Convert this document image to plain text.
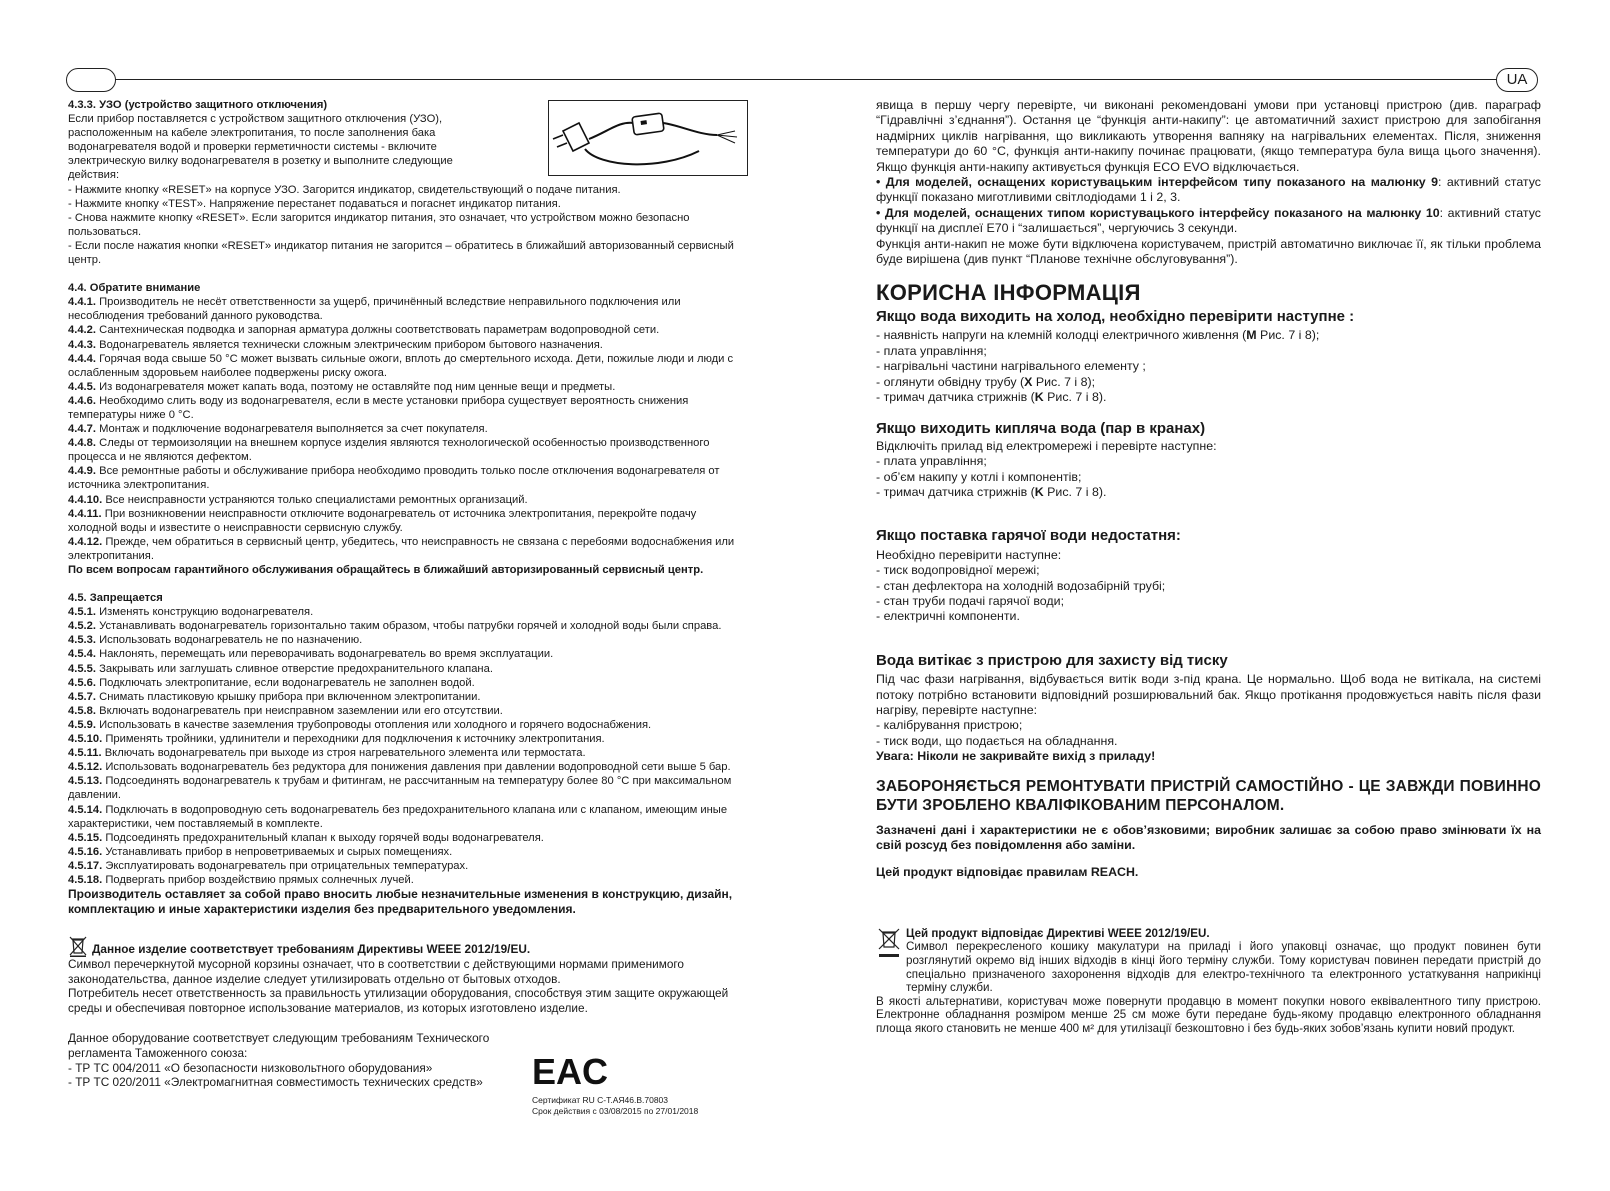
UA

4.3.3. УЗО (устройство защитного отключения)

Если прибор поставляется с устройством защитного отключения (УЗО), расположенным на кабеле электропитания, то после заполнения бака водонагревателя водой и проверки герметичности системы - включите электрическую вилку водонагревателя в розетку и выполните следующие действия:

- Нажмите кнопку «RESET» на корпусе УЗО. Загорится индикатор, свидетельствующий о подаче питания.

- Нажмите кнопку «TEST». Напряжение перестанет подаваться и погаснет индикатор питания.

- Снова нажмите кнопку «RESET». Если загорится индикатор питания, это означает, что устройством можно безопасно пользоваться.

- Если после нажатия кнопки «RESET» индикатор питания не загорится – обратитесь в ближайший авторизованный сервисный центр.

4.4. Обратите внимание

4.4.1. Производитель не несёт ответственности за ущерб, причинённый вследствие неправильного подключения или несоблюдения требований данного руководства.

4.4.2. Сантехническая подводка и запорная арматура должны соответствовать параметрам водопроводной сети.

4.4.3. Водонагреватель является технически сложным электрическим прибором бытового назначения.

4.4.4. Горячая вода свыше 50 °C может вызвать сильные ожоги, вплоть до смертельного исхода. Дети, пожилые люди и люди с ослабленным здоровьем наиболее подвержены риску ожога.

4.4.5. Из водонагревателя может капать вода, поэтому не оставляйте под ним ценные вещи и предметы.

4.4.6. Необходимо слить воду из водонагревателя, если в месте установки прибора существует вероятность снижения температуры ниже 0 °C.

4.4.7. Монтаж и подключение водонагревателя выполняется за счет покупателя.

4.4.8. Следы от термоизоляции на внешнем корпусе изделия являются технологической особенностью производственного процесса и не являются дефектом.

4.4.9. Все ремонтные работы и обслуживание прибора необходимо проводить только после отключения водонагревателя от источника электропитания.

4.4.10. Все неисправности устраняются только специалистами ремонтных организаций.

4.4.11. При возникновении неисправности отключите водонагреватель от источника электропитания, перекройте подачу холодной воды и известите о неисправности сервисную службу.

4.4.12. Прежде, чем обратиться в сервисный центр, убедитесь, что неисправность не связана с перебоями водоснабжения или электропитания.

По всем вопросам гарантийного обслуживания обращайтесь в ближайший авторизированный сервисный центр.

4.5. Запрещается

4.5.1. Изменять конструкцию водонагревателя.

4.5.2. Устанавливать водонагреватель горизонтально таким образом, чтобы патрубки горячей и холодной воды были справа.

4.5.3. Использовать водонагреватель не по назначению.

4.5.4. Наклонять, перемещать или переворачивать водонагреватель во время эксплуатации.

4.5.5. Закрывать или заглушать сливное отверстие предохранительного клапана.

4.5.6. Подключать электропитание, если водонагреватель не заполнен водой.

4.5.7. Снимать пластиковую крышку прибора при включенном электропитании.

4.5.8. Включать водонагреватель при неисправном заземлении или его отсутствии.

4.5.9. Использовать в качестве заземления трубопроводы отопления или холодного и горячего водоснабжения.

4.5.10. Применять тройники, удлинители и переходники для подключения к источнику электропитания.

4.5.11. Включать водонагреватель при выходе из строя нагревательного элемента или термостата.

4.5.12. Использовать водонагреватель без редуктора для понижения давления при давлении водопроводной сети выше 5 бар.

4.5.13. Подсоединять водонагреватель к трубам и фитингам, не рассчитанным на температуру более 80 °C при максимальном давлении.

4.5.14. Подключать в водопроводную сеть водонагреватель без предохранительного клапана или с клапаном, имеющим иные характеристики, чем поставляемый в комплекте.

4.5.15. Подсоединять предохранительный клапан к выходу горячей воды водонагревателя.

4.5.16. Устанавливать прибор в непроветриваемых и сырых помещениях.

4.5.17. Эксплуатировать водонагреватель при отрицательных температурах.

4.5.18. Подвергать прибор воздействию прямых солнечных лучей.

Производитель оставляет за собой право вносить любые незначительные изменения в конструкцию, дизайн, комплектацию и иные характеристики изделия без предварительного уведомления.

Данное изделие соответствует требованиям Директивы WEEE 2012/19/EU.

Символ перечеркнутой мусорной корзины означает, что в соответствии с действующими нормами применимого законодательства, данное изделие следует утилизировать отдельно от бытовых отходов.

Потребитель несет ответственность за правильность утилизации оборудования, способствуя этим защите окружающей среды и обеспечивая повторное использование материалов, из которых изготовлено изделие.

Данное оборудование соответствует следующим требованиям Технического регламента Таможенного союза:

- ТР ТС 004/2011 «О безопасности низковольтного оборудования»

- ТР ТС 020/2011 «Электромагнитная совместимость технических средств»	EAC

Сертификат RU C-T.АЯ46.В.70803

Срок действия с 03/08/2015 по 27/01/2018

явища в першу чергу перевірте, чи виконані рекомендовані умови при установці пристрою (див. параграф “Гідравлічні з’єднання”). Остання це “функція анти-накипу”: це автоматичний захист пристрою для запобігання надмірних циклів нагрівання, що викликають утворення вапняку на нагрівальних елементах. Після, зниження температури до 60 °C, функція анти-накипу починає працювати, (якщо температура була вища цього значення). Якщо функція анти-накипу активується функція ECO EVO відключається.

• Для моделей, оснащених користувацьким інтерфейсом типу показаного на малюнку 9: активний статус функції показано миготливими світлодіодами 1 і 2, 3.

• Для моделей, оснащених типом користувацького інтерфейсу показаного на малюнку 10: активний статус функції на дисплеї E70 і “залишається”, чергуючись 3 секунди.

Функція анти-накип не може бути відключена користувачем, пристрій автоматично виключає її, як тільки проблема буде вирішена (див пункт “Планове технічне обслуговування”).

КОРИСНА ІНФОРМАЦІЯ
Якщо вода виходить на холод, необхідно перевірити наступне :

- наявність напруги на клемній колодці електричного живлення (M Рис. 7 і 8);

- плата управління;

- нагрівальні частини нагрівального елементу ;

- оглянути обвідну трубу (X Рис. 7 і 8);

- тримач датчика стрижнів (K Рис. 7 і 8).

Якщо виходить кипляча вода (пар в кранах)

Відключіть прилад від електромережі і перевірте наступне:

- плата управління;

- об’єм накипу у котлі і компонентів;

- тримач датчика стрижнів (K Рис. 7 і 8).

Якщо поставка гарячої води недостатня:

Необхідно перевірити наступне:

- тиск водопровідної мережі;

- стан дефлектора на холодній водозабірній трубі;

- стан труби подачі гарячої води;

- електричні компоненти.

Вода витікає з пристрою для захисту від тиску

Під час фази нагрівання, відбувається витік води з-під крана. Це нормально. Щоб вода не витікала, на системі потоку потрібно встановити відповідний розширювальний бак. Якщо протікання продовжується навіть після фази нагріву, перевірте наступне:

- калібрування пристрою;

- тиск води, що подається на обладнання.

Увага: Ніколи не закривайте вихід з приладу!

ЗАБОРОНЯЄТЬСЯ РЕМОНТУВАТИ ПРИСТРІЙ САМОСТІЙНО - ЦЕ ЗАВЖДИ ПОВИННО БУТИ ЗРОБЛЕНО КВАЛІФІКОВАНИМ ПЕРСОНАЛОМ.

Зазначені дані і характеристики не є обов’язковими; виробник залишає за собою право змінювати їх на свій розсуд без повідомлення або заміни.

Цей продукт відповідає правилам REACH.

Цей продукт відповідає Директиві WEEE 2012/19/EU.

Символ перекресленого кошику макулатури на приладі і його упаковці означає, що продукт повинен бути розглянутий окремо від інших відходів в кінці його терміну служби. Тому користувач повинен передати пристрій до спеціально призначеного захоронення відходів для електро-технічного та електронного устаткування наприкінці терміну служби.

В якості альтернативи, користувач може повернути продавцю в момент покупки нового еквівалентного типу пристрою. Електронне обладнання розміром менше 25 см може бути передане будь-якому продавцю електронного обладнання площа якого становить не менше 400 м² для утилізації безкоштовно і без будь-яких зобов’язань купити новий продукт.
